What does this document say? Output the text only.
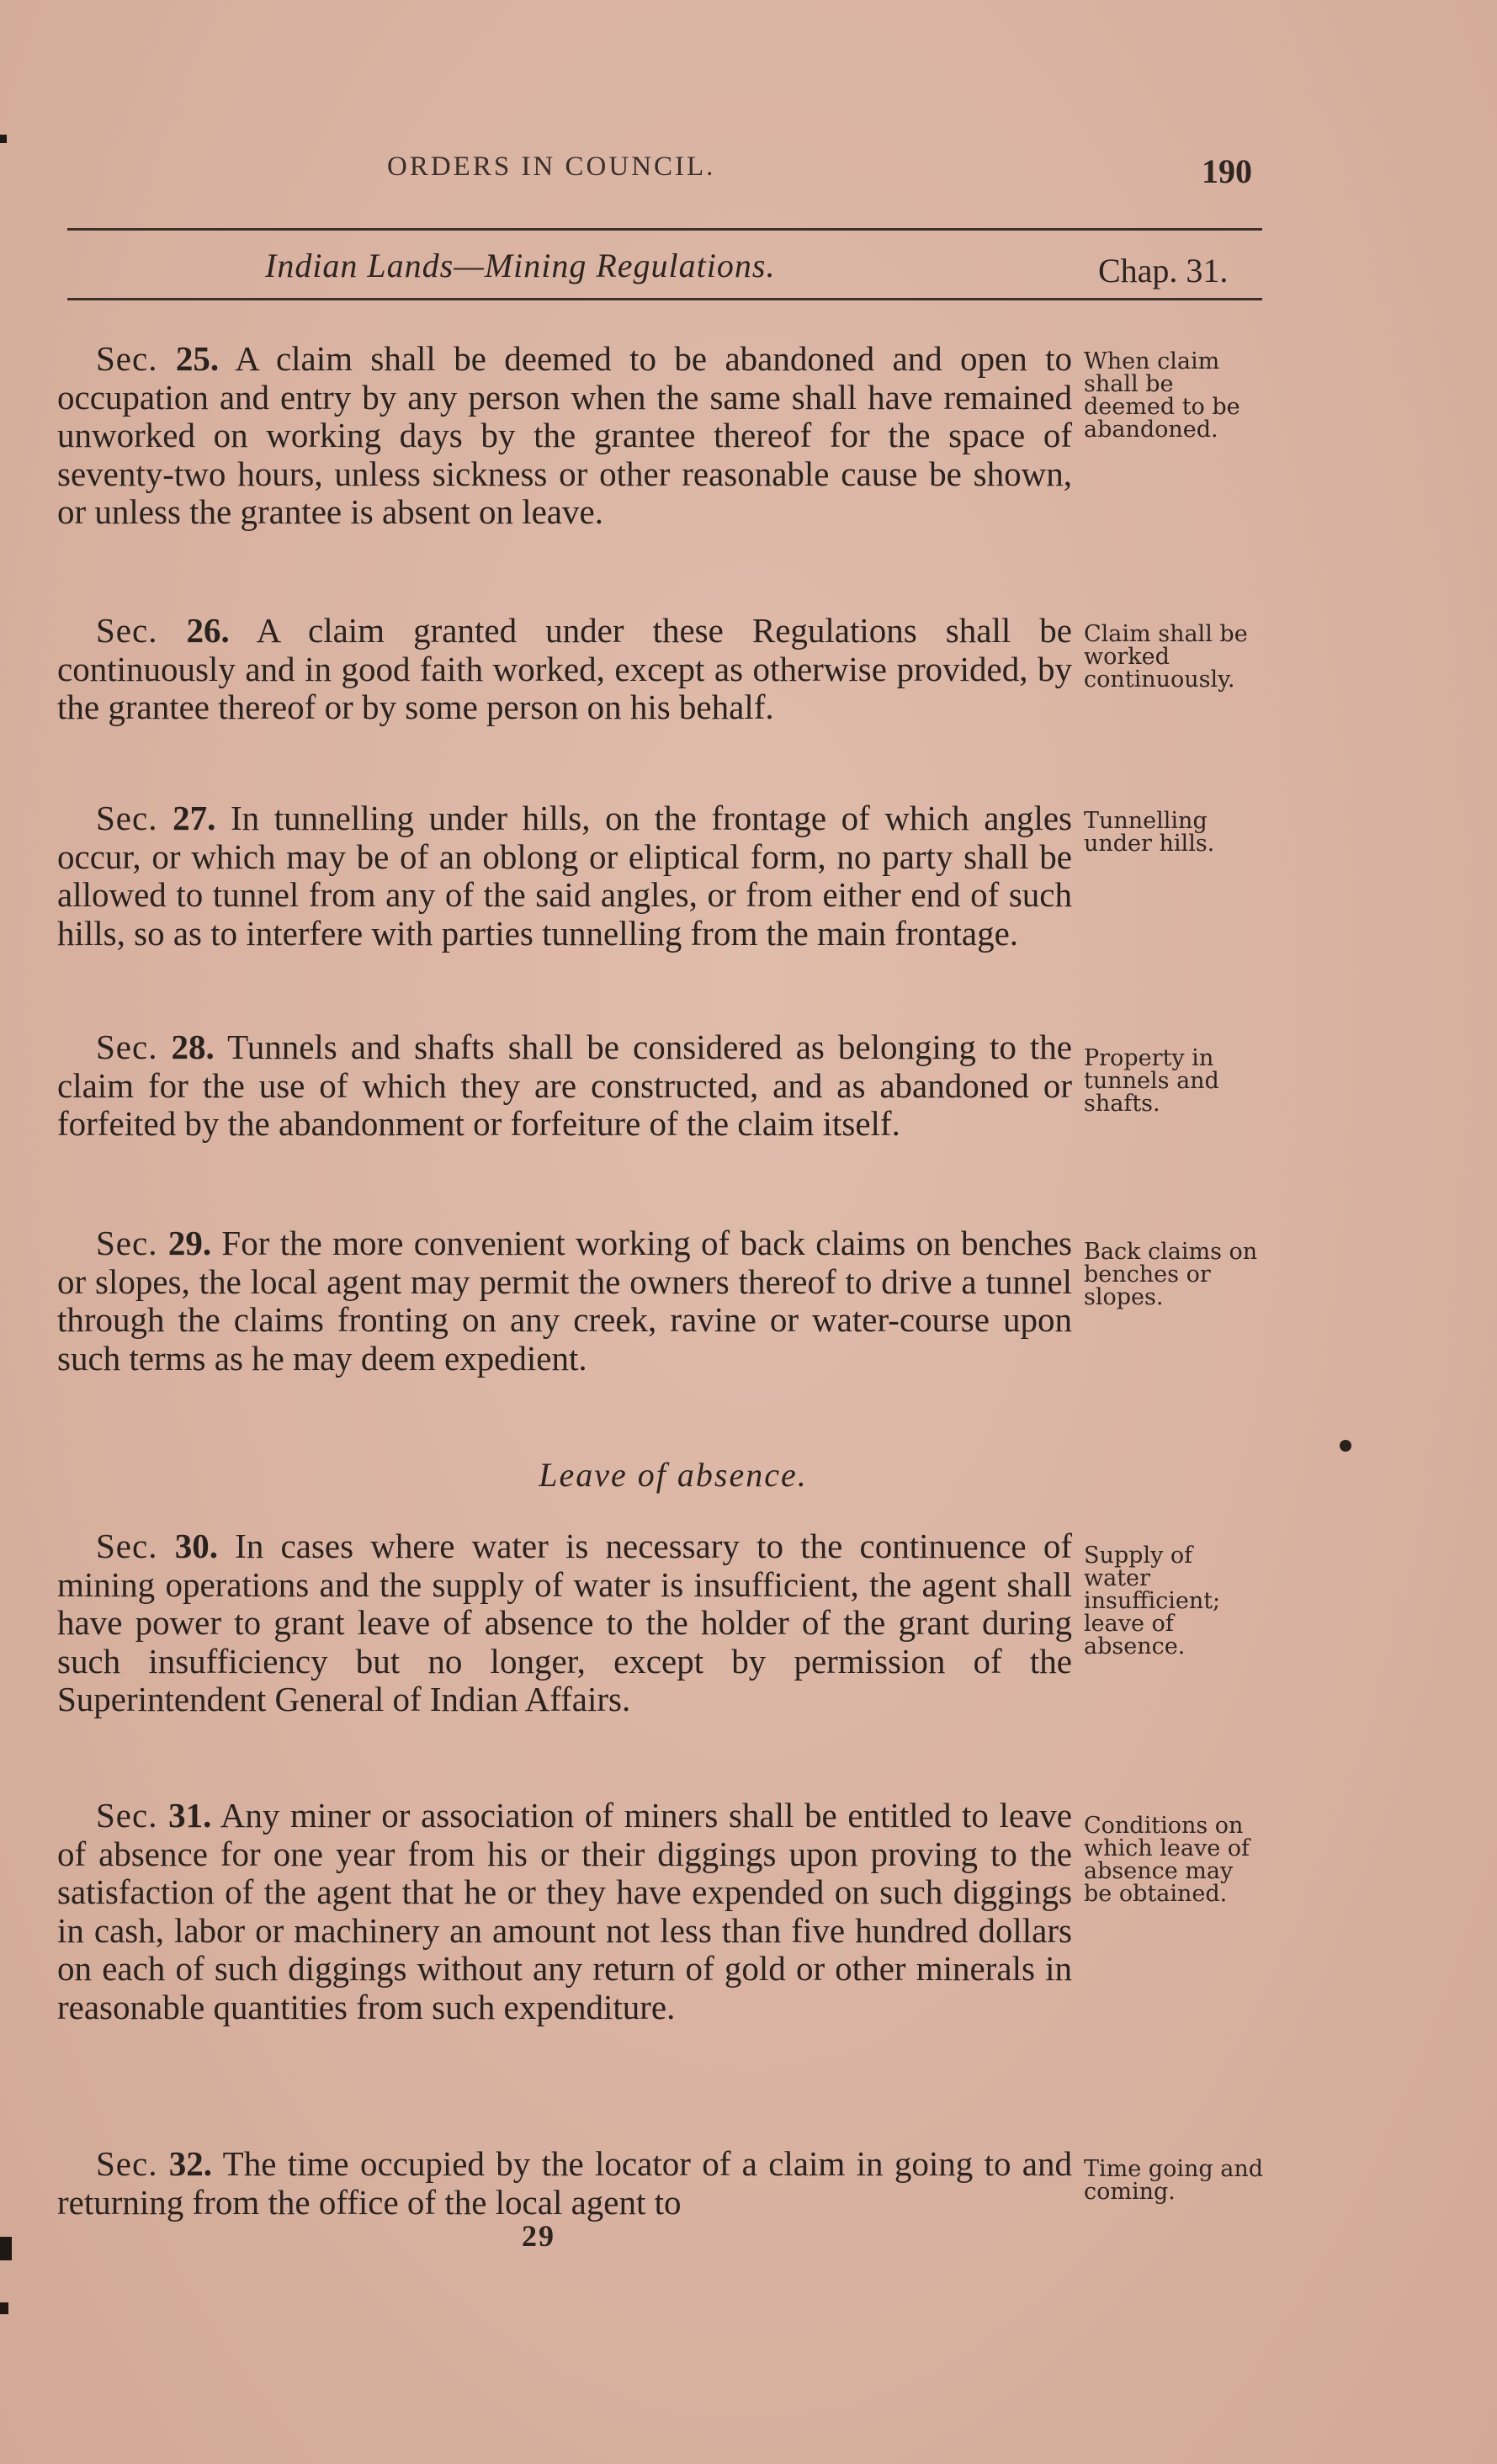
ORDERS IN COUNCIL.	190
Indian Lands—Mining Regulations.	Chap. 31.

Sec. 25. A claim shall be deemed to be abandoned and open to occupation and entry by any person when the same shall have remained unworked on working days by the grantee thereof for the space of seventy-two hours, unless sickness or other reasonable cause be shown, or unless the grantee is absent on leave.

When claim shall be deemed to be abandoned.

Sec. 26. A claim granted under these Regulations shall be continuously and in good faith worked, except as otherwise provided, by the grantee thereof or by some person on his behalf.

Claim shall be worked continuously.

Sec. 27. In tunnelling under hills, on the frontage of which angles occur, or which may be of an oblong or eliptical form, no party shall be allowed to tunnel from any of the said angles, or from either end of such hills, so as to interfere with parties tunnelling from the main frontage.

Tunnelling under hills.

Sec. 28. Tunnels and shafts shall be considered as belonging to the claim for the use of which they are constructed, and as abandoned or forfeited by the abandonment or forfeiture of the claim itself.

Property in tunnels and shafts.

Sec. 29. For the more convenient working of back claims on benches or slopes, the local agent may permit the owners thereof to drive a tunnel through the claims fronting on any creek, ravine or water-course upon such terms as he may deem expedient.

Back claims on benches or slopes.
Leave of absence.

Sec. 30. In cases where water is necessary to the continuence of mining operations and the supply of water is insufficient, the agent shall have power to grant leave of absence to the holder of the grant during such insufficiency but no longer, except by permission of the Superintendent General of Indian Affairs.

Supply of water insufficient; leave of absence.

Sec. 31. Any miner or association of miners shall be entitled to leave of absence for one year from his or their diggings upon proving to the satisfaction of the agent that he or they have expended on such diggings in cash, labor or machinery an amount not less than five hundred dollars on each of such diggings without any return of gold or other minerals in reasonable quantities from such expenditure.

Conditions on which leave of absence may be obtained.

Sec. 32. The time occupied by the locator of a claim in going to and returning from the office of the local agent to

Time going and coming.
29
